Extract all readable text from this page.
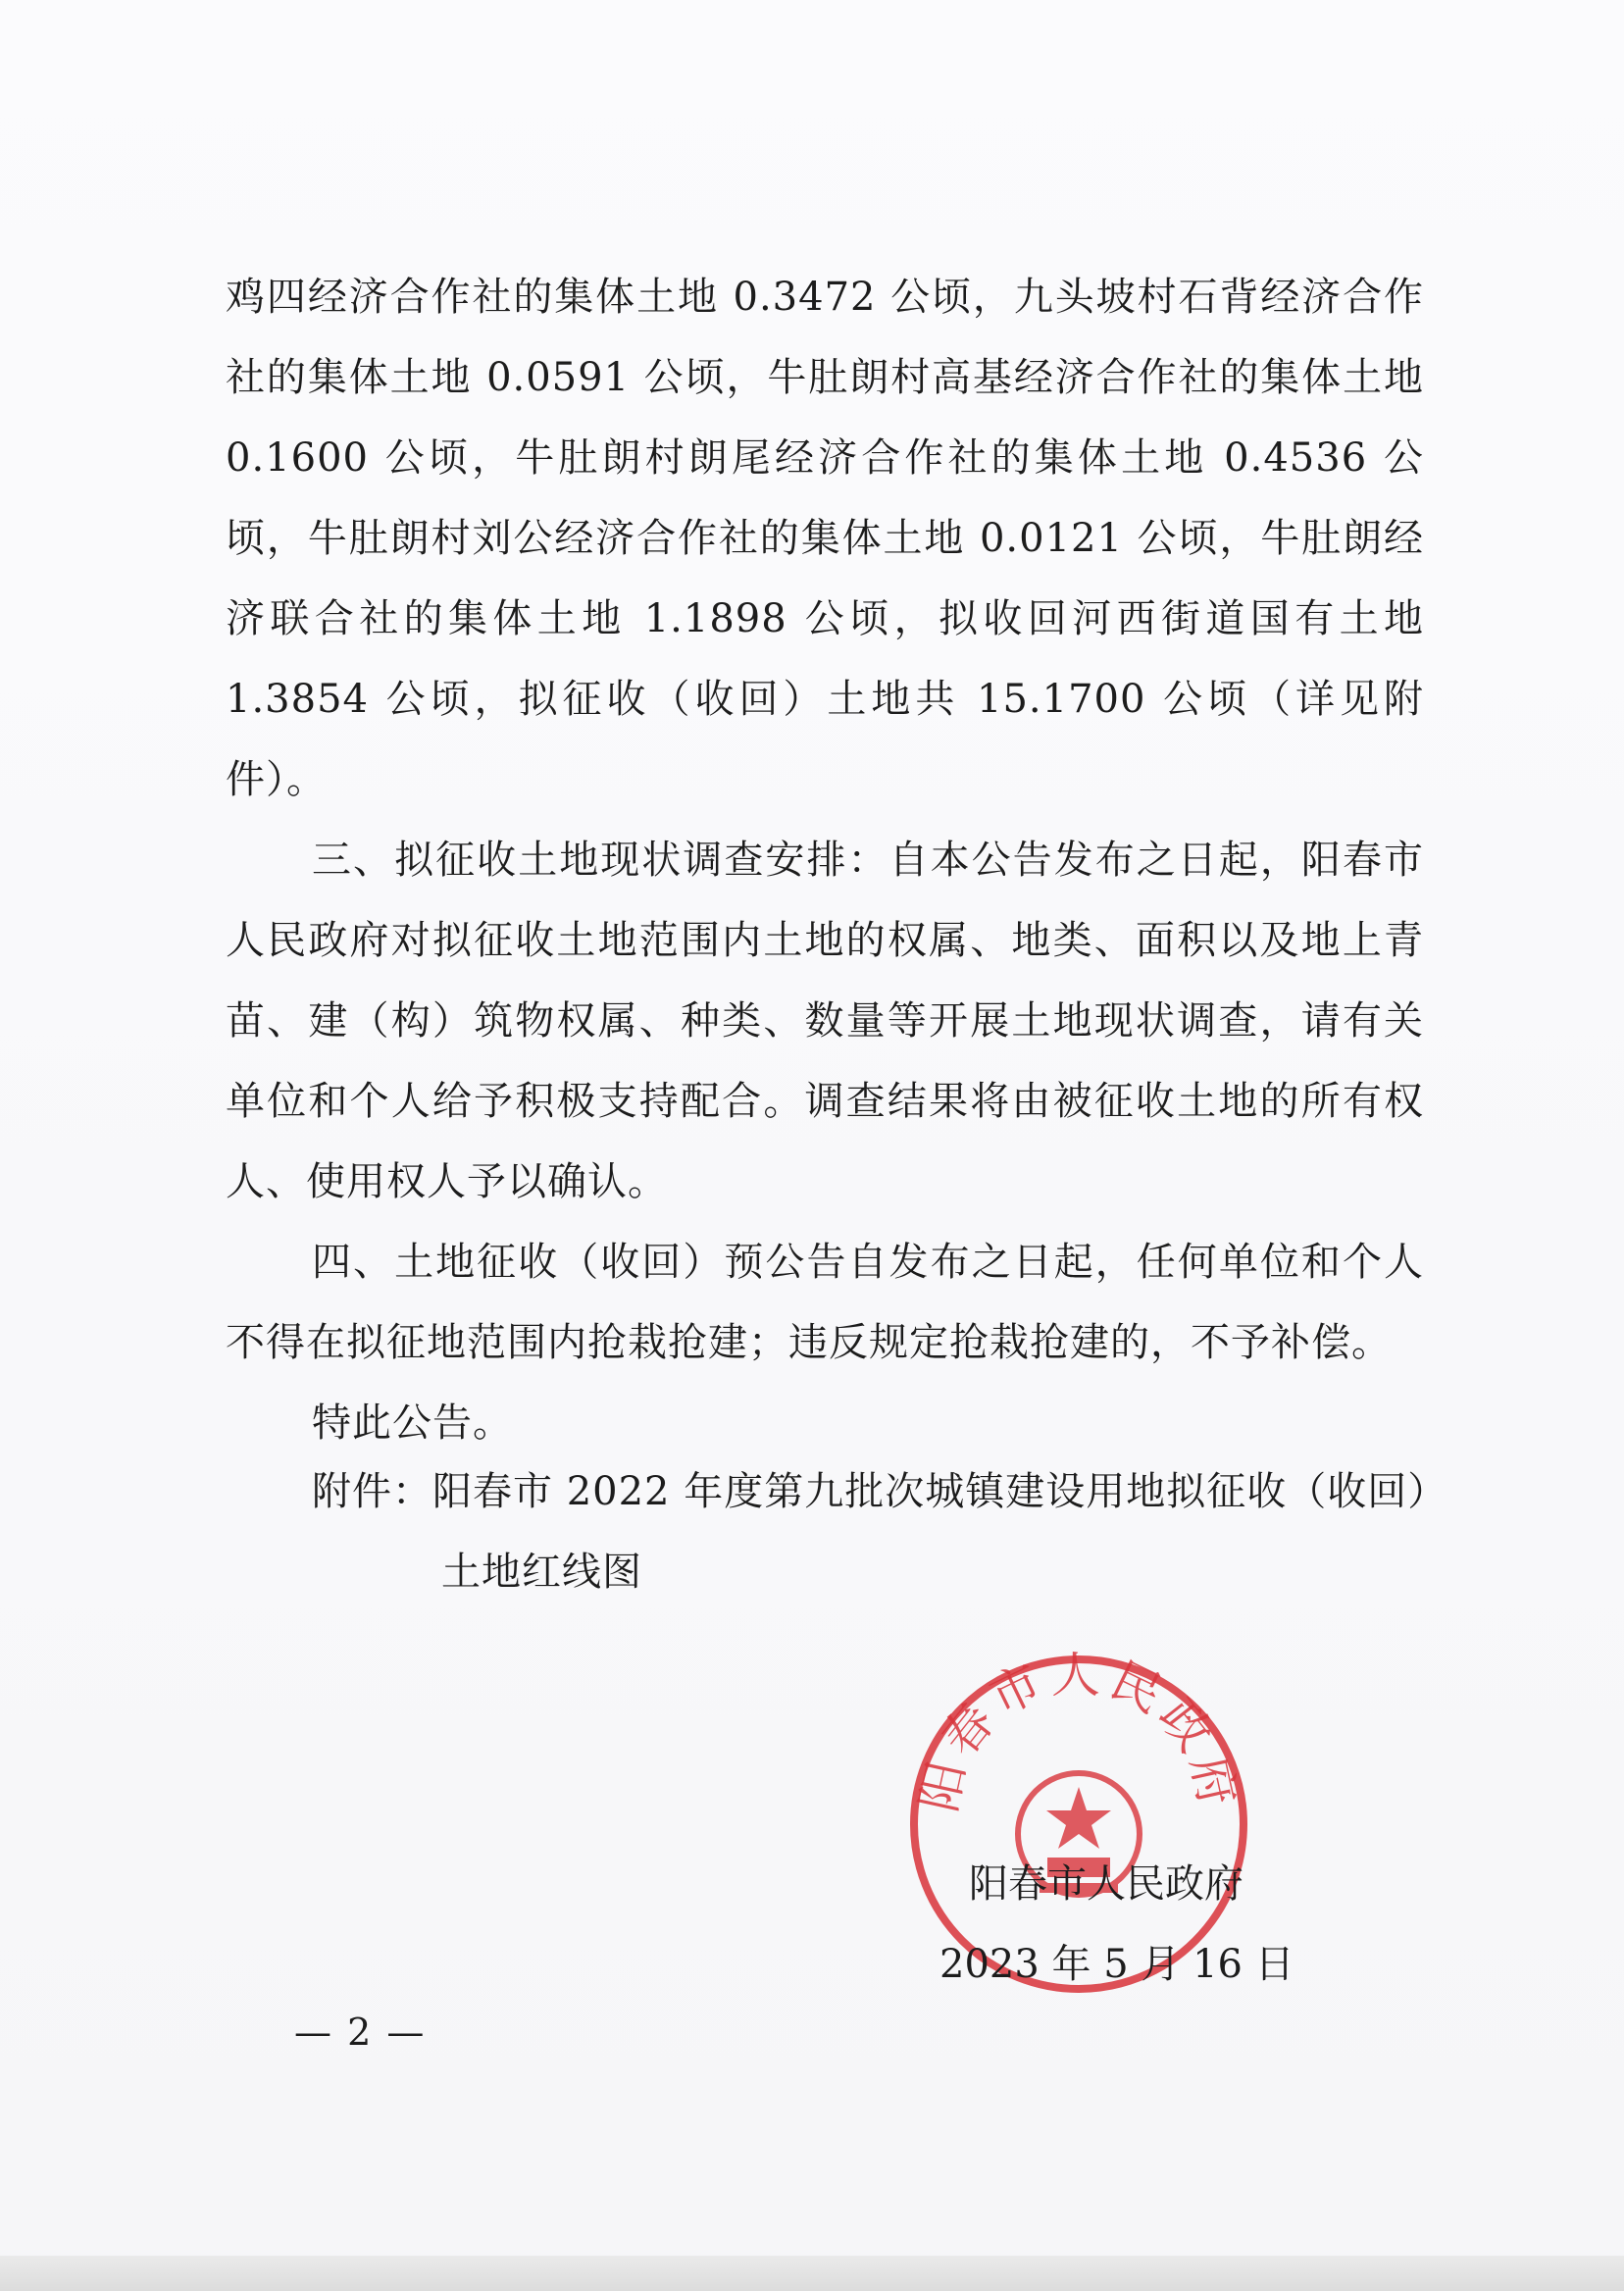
鸡四经济合作社的集体土地 0.3472 公顷，九头坡村石背经济合作社的集体土地 0.0591 公顷，牛肚朗村高基经济合作社的集体土地 0.1600 公顷，牛肚朗村朗尾经济合作社的集体土地 0.4536 公顷，牛肚朗村刘公经济合作社的集体土地 0.0121 公顷，牛肚朗经济联合社的集体土地 1.1898 公顷，拟收回河西街道国有土地 1.3854 公顷，拟征收（收回）土地共 15.1700 公顷（详见附件）。

三、拟征收土地现状调查安排：自本公告发布之日起，阳春市人民政府对拟征收土地范围内土地的权属、地类、面积以及地上青苗、建（构）筑物权属、种类、数量等开展土地现状调查，请有关单位和个人给予积极支持配合。调查结果将由被征收土地的所有权人、使用权人予以确认。

四、土地征收（收回）预公告自发布之日起，任何单位和个人不得在拟征地范围内抢栽抢建；违反规定抢栽抢建的，不予补偿。

特此公告。

附件：阳春市 2022 年度第九批次城镇建设用地拟征收（收回）
土地红线图
阳春市人民政府
阳春市人民政府
2023 年 5 月 16 日
— 2 —
